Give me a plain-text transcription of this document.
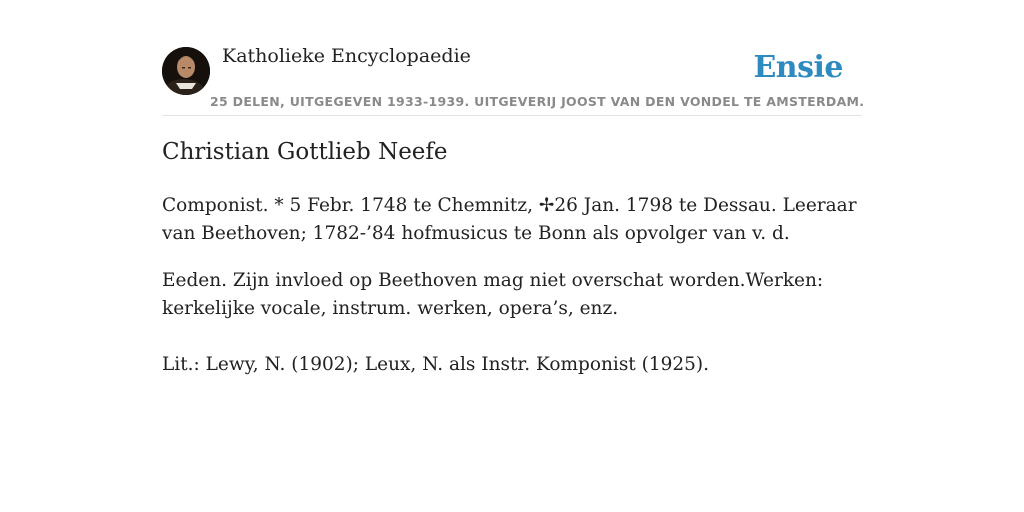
Katholieke Encyclopaedie
25 DELEN, UITGEGEVEN 1933-1939. UITGEVERIJ JOOST VAN DEN VONDEL TE AMSTERDAM.
Ensie
Christian Gottlieb Neefe

Componist. * 5 Febr. 1748 te Chemnitz, ✢26 Jan. 1798 te Dessau. Leeraar van Beethoven; 1782-’84 hofmusicus te Bonn als opvolger van v. d.

Eeden. Zijn invloed op Beethoven mag niet overschat worden.Werken: kerkelijke vocale, instrum. werken, opera’s, enz.

Lit.: Lewy, N. (1902); Leux, N. als Instr. Komponist (1925).
